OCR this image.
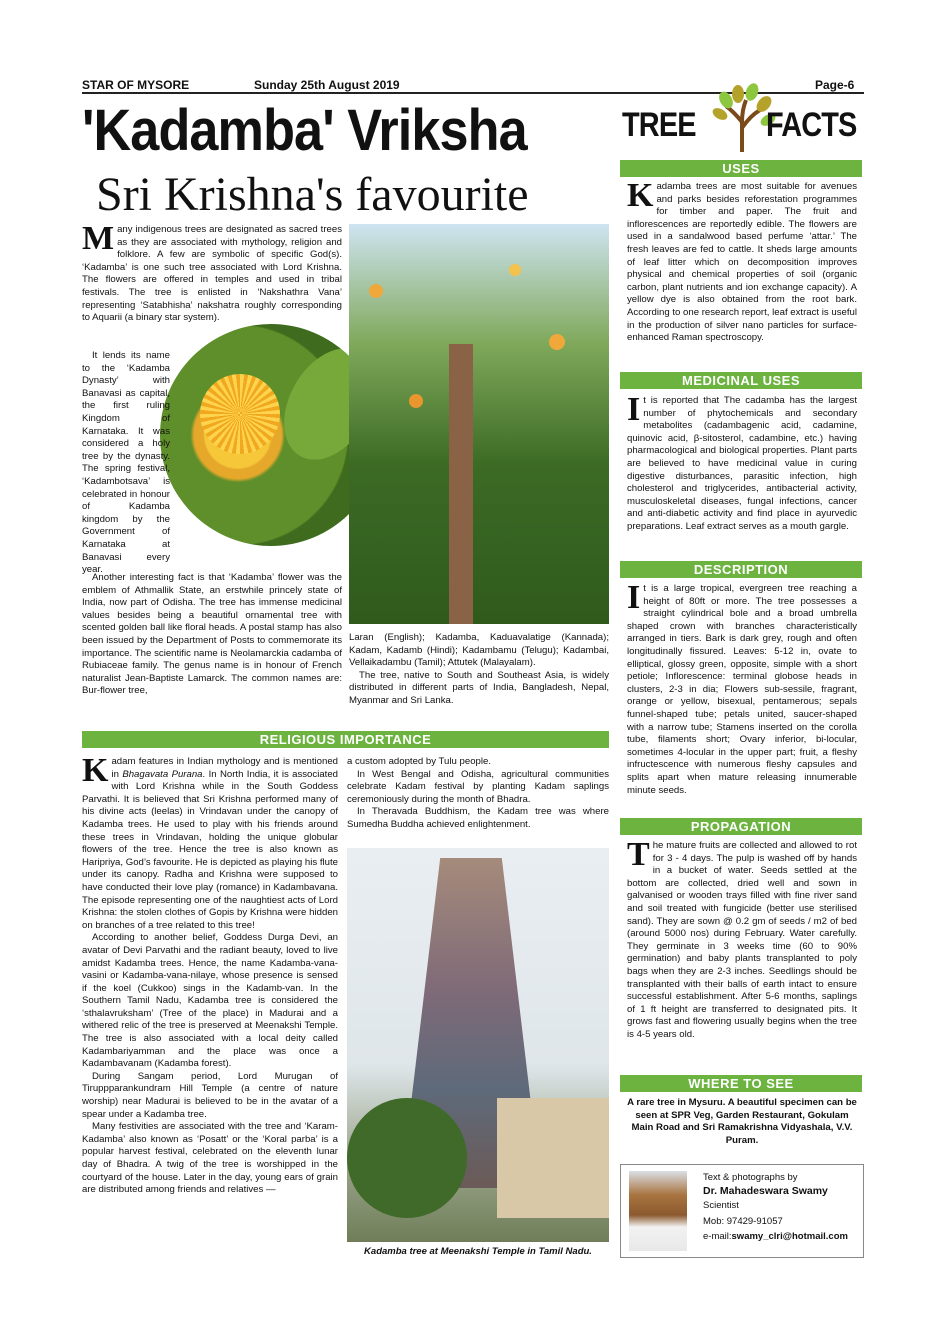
STAR OF MYSORE	Sunday 25th August 2019	Page-6
'Kadamba' Vriksha
Sri Krishna's favourite
TREE FACTS

Many indigenous trees are designated as sacred trees as they are associated with mythology, religion and folklore. A few are symbolic of specific God(s). ‘Kadamba’ is one such tree associated with Lord Krishna. The flowers are offered in temples and used in tribal festivals. The tree is enlisted in ‘Nakshathra Vana’ representing ‘Satabhisha’ nakshatra roughly corresponding to Aquarii (a binary star system).

It lends its name to the ‘Kadamba Dynasty’ with Banavasi as capital, the first ruling Kingdom of Karnataka. It was considered a holy tree by the dynasty. The spring festival, ‘Kadambotsava’ is celebrated in honour of Kadamba kingdom by the Government of Karnataka at Banavasi every year.

Another interesting fact is that ‘Kadamba’ flower was the emblem of Athmallik State, an erstwhile princely state of India, now part of Odisha. The tree has immense medicinal values besides being a beautiful ornamental tree with scented golden ball like floral heads. A postal stamp has also been issued by the Department of Posts to commemorate its importance. The scientific name is Neolamarckia cadamba of Rubiaceae family. The genus name is in honour of French naturalist Jean-Baptiste Lamarck. The common names are: Bur-flower tree,

Laran (English); Kadamba, Kaduavalatige (Kannada); Kadam, Kadamb (Hindi); Kadambamu (Telugu); Kadambai, Vellaikadambu (Tamil); Attutek (Malayalam).

The tree, native to South and Southeast Asia, is widely distributed in different parts of India, Bangladesh, Nepal, Myanmar and Sri Lanka.

RELIGIOUS IMPORTANCE

Kadam features in Indian mythology and is mentioned in Bhagavata Purana. In North India, it is associated with Lord Krishna while in the South Goddess Parvathi. It is believed that Sri Krishna performed many of his divine acts (leelas) in Vrindavan under the canopy of Kadamba trees. He used to play with his friends around these trees in Vrindavan, holding the unique globular flowers of the tree. Hence the tree is also known as Haripriya, God’s favourite. He is depicted as playing his flute under its canopy. Radha and Krishna were supposed to have conducted their love play (romance) in Kadambavana. The episode representing one of the naughtiest acts of Lord Krishna: the stolen clothes of Gopis by Krishna were hidden on branches of a tree related to this tree!

According to another belief, Goddess Durga Devi, an avatar of Devi Parvathi and the radiant beauty, loved to live amidst Kadamba trees. Hence, the name Kadamba-vana-vasini or Kadamba-vana-nilaye, whose presence is sensed if the koel (Cukkoo) sings in the Kadamb-van. In the Southern Tamil Nadu, Kadamba tree is considered the ‘sthalavruksham’ (Tree of the place) in Madurai and a withered relic of the tree is preserved at Meenakshi Temple. The tree is also associated with a local deity called Kadambariyamman and the place was once a Kadambavanam (Kadamba forest).

During Sangam period, Lord Murugan of Tiruppparankundram Hill Temple (a centre of nature worship) near Madurai is believed to be in the avatar of a spear under a Kadamba tree.

Many festivities are associated with the tree and ‘Karam-Kadamba’ also known as ‘Posatt’ or the ‘Koral parba’ is a popular harvest festival, celebrated on the eleventh lunar day of Bhadra. A twig of the tree is worshipped in the courtyard of the house. Later in the day, young ears of grain are distributed among friends and relatives —

a custom adopted by Tulu people.

In West Bengal and Odisha, agricultural communities celebrate Kadam festival by planting Kadam saplings ceremoniously during the month of Bhadra.

In Theravada Buddhism, the Kadam tree was where Sumedha Buddha achieved enlightenment.

Kadamba tree at Meenakshi Temple in Tamil Nadu.
USES

Kadamba trees are most suitable for avenues and parks besides reforestation programmes for timber and paper. The fruit and inflorescences are reportedly edible. The flowers are used in a sandalwood based perfume ‘attar.’ The fresh leaves are fed to cattle. It sheds large amounts of leaf litter which on decomposition improves physical and chemical properties of soil (organic carbon, plant nutrients and ion exchange capacity). A yellow dye is also obtained from the root bark. According to one research report, leaf extract is useful in the production of silver nano particles for surface-enhanced Raman spectroscopy.

MEDICINAL USES

It is reported that The cadamba has the largest number of phytochemicals and secondary metabolites (cadambagenic acid, cadamine, quinovic acid, β-sitosterol, cadambine, etc.) having pharmacological and biological properties. Plant parts are believed to have medicinal value in curing digestive disturbances, parasitic infection, high cholesterol and triglycerides, antibacterial activity, musculoskeletal diseases, fungal infections, cancer and anti-diabetic activity and find place in ayurvedic preparations. Leaf extract serves as a mouth gargle.

DESCRIPTION

It is a large tropical, evergreen tree reaching a height of 80ft or more. The tree possesses a straight cylindrical bole and a broad umbrella shaped crown with branches characteristically arranged in tiers. Bark is dark grey, rough and often longitudinally fissured. Leaves: 5-12 in, ovate to elliptical, glossy green, opposite, simple with a short petiole; Inflorescence: terminal globose heads in clusters, 2-3 in dia; Flowers sub-sessile, fragrant, orange or yellow, bisexual, pentamerous; sepals funnel-shaped tube; petals united, saucer-shaped with a narrow tube; Stamens inserted on the corolla tube, filaments short; Ovary inferior, bi-locular, sometimes 4-locular in the upper part; fruit, a fleshy infructescence with numerous fleshy capsules and splits apart when mature releasing innumerable minute seeds.

PROPAGATION

The mature fruits are collected and allowed to rot for 3 - 4 days. The pulp is washed off by hands in a bucket of water. Seeds settled at the bottom are collected, dried well and sown in galvanised or wooden trays filled with fine river sand and soil treated with fungicide (better use sterilised sand). They are sown @ 0.2 gm of seeds / m2 of bed (around 5000 nos) during February. Water carefully. They germinate in 3 weeks time (60 to 90% germination) and baby plants transplanted to poly bags when they are 2-3 inches. Seedlings should be transplanted with their balls of earth intact to ensure successful establishment. After 5-6 months, saplings of 1 ft height are transferred to designated pits. It grows fast and flowering usually begins when the tree is 4-5 years old.

WHERE TO SEE
A rare tree in Mysuru. A beautiful specimen can be seen at SPR Veg, Garden Restaurant, Gokulam Main Road and Sri Ramakrishna Vidyashala, V.V. Puram.
Text & photographs by
Dr. Mahadeswara Swamy
Scientist
Mob: 97429-91057
e-mail:swamy_clri@hotmail.com
